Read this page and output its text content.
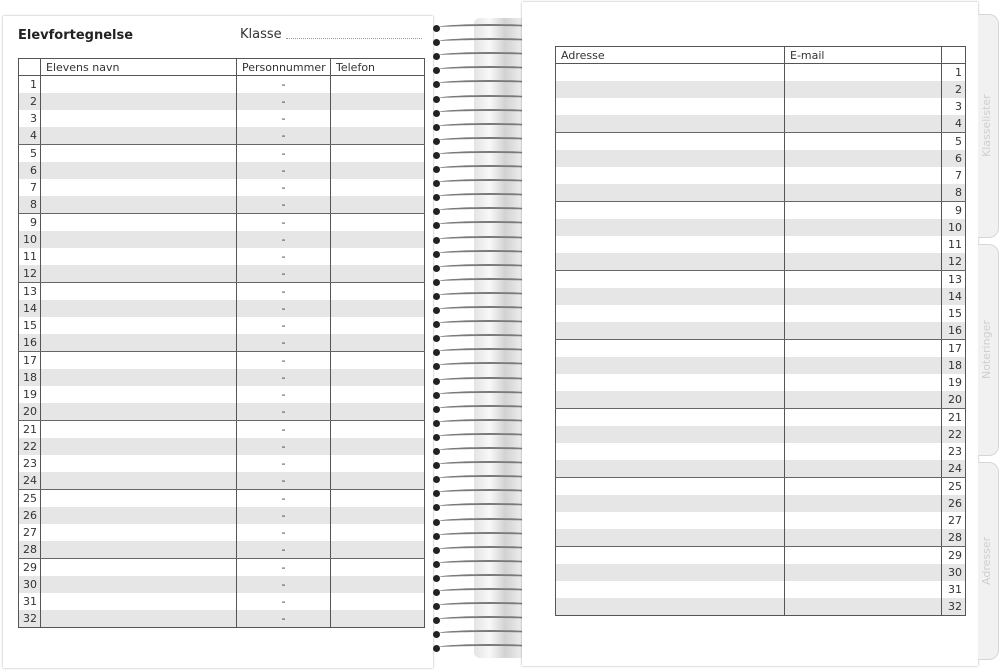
Elevfortegnelse	Klasse
	Elevens navn	Personnummer	Telefon
1		-	
2		-	
3		-	
4		-	
5		-	
6		-	
7		-	
8		-	
9		-	
10		-	
11		-	
12		-	
13		-	
14		-	
15		-	
16		-	
17		-	
18		-	
19		-	
20		-	
21		-	
22		-	
23		-	
24		-	
25		-	
26		-	
27		-	
28		-	
29		-	
30		-	
31		-	
32		-	
Adresse	E-mail	
		1
		2
		3
		4
		5
		6
		7
		8
		9
		10
		11
		12
		13
		14
		15
		16
		17
		18
		19
		20
		21
		22
		23
		24
		25
		26
		27
		28
		29
		30
		31
		32
Klasselister
Noteringer
Adresser
